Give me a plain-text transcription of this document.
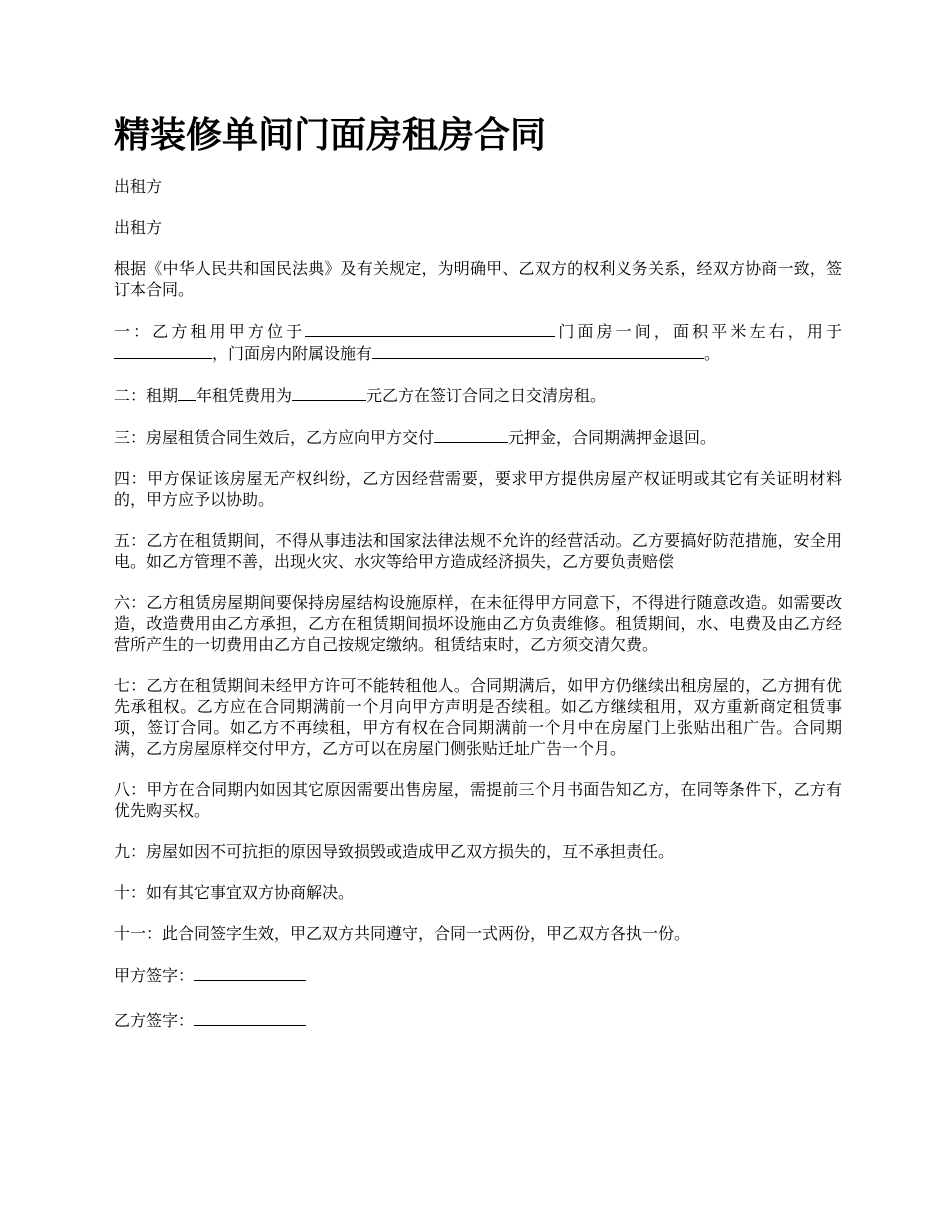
精装修单间门面房租房合同

出租方

出租方

根据《中华人民共和国民法典》及有关规定，为明确甲、乙双方的权利义务关系，经双方协商一致，签订本合同。

一：乙方租用甲方位于	门面房一间，面积平米左右，用于，门面房内附属设施有	。

二：租期 年租凭费用为	元乙方在签订合同之日交清房租。

三：房屋租赁合同生效后，乙方应向甲方交付	元押金，合同期满押金退回。

四：甲方保证该房屋无产权纠纷，乙方因经营需要，要求甲方提供房屋产权证明或其它有关证明材料的，甲方应予以协助。

五：乙方在租赁期间，不得从事违法和国家法律法规不允许的经营活动。乙方要搞好防范措施，安全用电。如乙方管理不善，出现火灾、水灾等给甲方造成经济损失，乙方要负责赔偿

六：乙方租赁房屋期间要保持房屋结构设施原样，在未征得甲方同意下，不得进行随意改造。如需要改造，改造费用由乙方承担，乙方在租赁期间损坏设施由乙方负责维修。租赁期间，水、电费及由乙方经营所产生的一切费用由乙方自己按规定缴纳。租赁结束时，乙方须交清欠费。

七：乙方在租赁期间未经甲方许可不能转租他人。合同期满后，如甲方仍继续出租房屋的，乙方拥有优先承租权。乙方应在合同期满前一个月向甲方声明是否续租。如乙方继续租用，双方重新商定租赁事项，签订合同。如乙方不再续租，甲方有权在合同期满前一个月中在房屋门上张贴出租广告。合同期满，乙方房屋原样交付甲方，乙方可以在房屋门侧张贴迁址广告一个月。

八：甲方在合同期内如因其它原因需要出售房屋，需提前三个月书面告知乙方，在同等条件下，乙方有优先购买权。

九：房屋如因不可抗拒的原因导致损毁或造成甲乙双方损失的，互不承担责任。

十：如有其它事宜双方协商解决。

十一：此合同签字生效，甲乙双方共同遵守，合同一式两份，甲乙双方各执一份。

甲方签字：

乙方签字：
